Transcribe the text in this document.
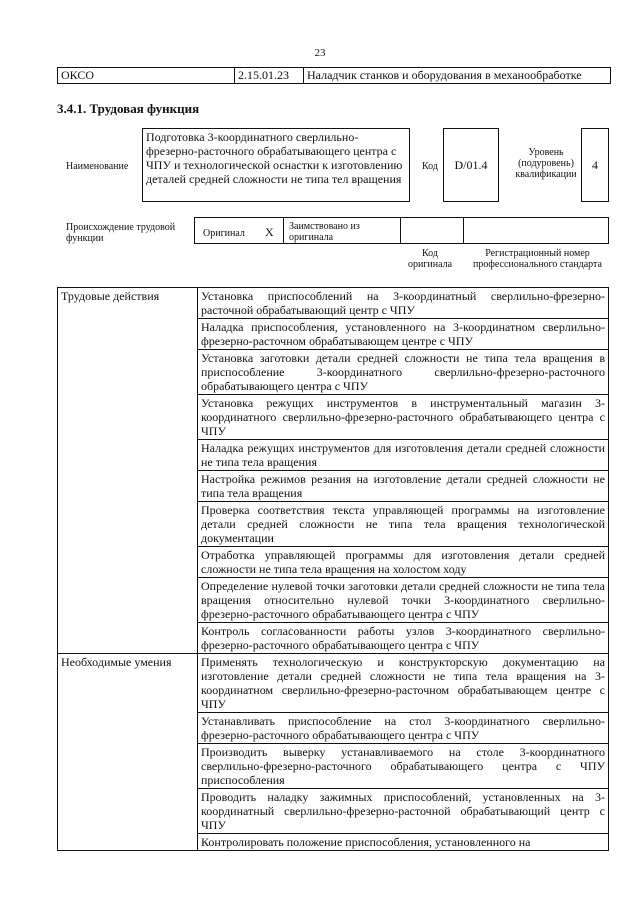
23
ОКСО	2.15.01.23	Наладчик станков и оборудования в механообработке
3.4.1. Трудовая функция
Наименование
Подготовка 3-координатного сверлильно-фрезерно-расточного обрабатывающего центра с ЧПУ и технологической оснастки к изготовлению деталей средней сложности не типа тел вращения
Код	D/01.4
Уровень (подуровень) квалификации
4
Происхождение трудовой функции	Оригинал X Заимствовано из оригинала
Код оригинала
Регистрационный номер профессионального стандарта
Трудовые действия	Установка приспособлений на 3-координатный сверлильно-фрезерно-расточной обрабатывающий центр с ЧПУ
	Наладка приспособления, установленного на 3-координатном сверлильно-фрезерно-расточном обрабатывающем центре с ЧПУ
	Установка заготовки детали средней сложности не типа тела вращения в приспособление 3-координатного сверлильно-фрезерно-расточного обрабатывающего центра с ЧПУ
	Установка режущих инструментов в инструментальный магазин 3-координатного сверлильно-фрезерно-расточного обрабатывающего центра с ЧПУ
	Наладка режущих инструментов для изготовления детали средней сложности не типа тела вращения
	Настройка режимов резания на изготовление детали средней сложности не типа тела вращения
	Проверка соответствия текста управляющей программы на изготовление детали средней сложности не типа тела вращения технологической документации
	Отработка управляющей программы для изготовления детали средней сложности не типа тела вращения на холостом ходу
	Определение нулевой точки заготовки детали средней сложности не типа тела вращения относительно нулевой точки 3-координатного сверлильно-фрезерно-расточного обрабатывающего центра с ЧПУ
	Контроль согласованности работы узлов 3-координатного сверлильно-фрезерно-расточного обрабатывающего центра с ЧПУ
Необходимые умения	Применять технологическую и конструкторскую документацию на изготовление детали средней сложности не типа тела вращения на 3-координатном сверлильно-фрезерно-расточном обрабатывающем центре с ЧПУ
	Устанавливать приспособление на стол 3-координатного сверлильно-фрезерно-расточного обрабатывающего центра с ЧПУ
	Производить выверку устанавливаемого на столе 3-координатного сверлильно-фрезерно-расточного обрабатывающего центра с ЧПУ приспособления
	Проводить наладку зажимных приспособлений, установленных на 3-координатный сверлильно-фрезерно-расточной обрабатывающий центр с ЧПУ
	Контролировать положение приспособления, установленного на
